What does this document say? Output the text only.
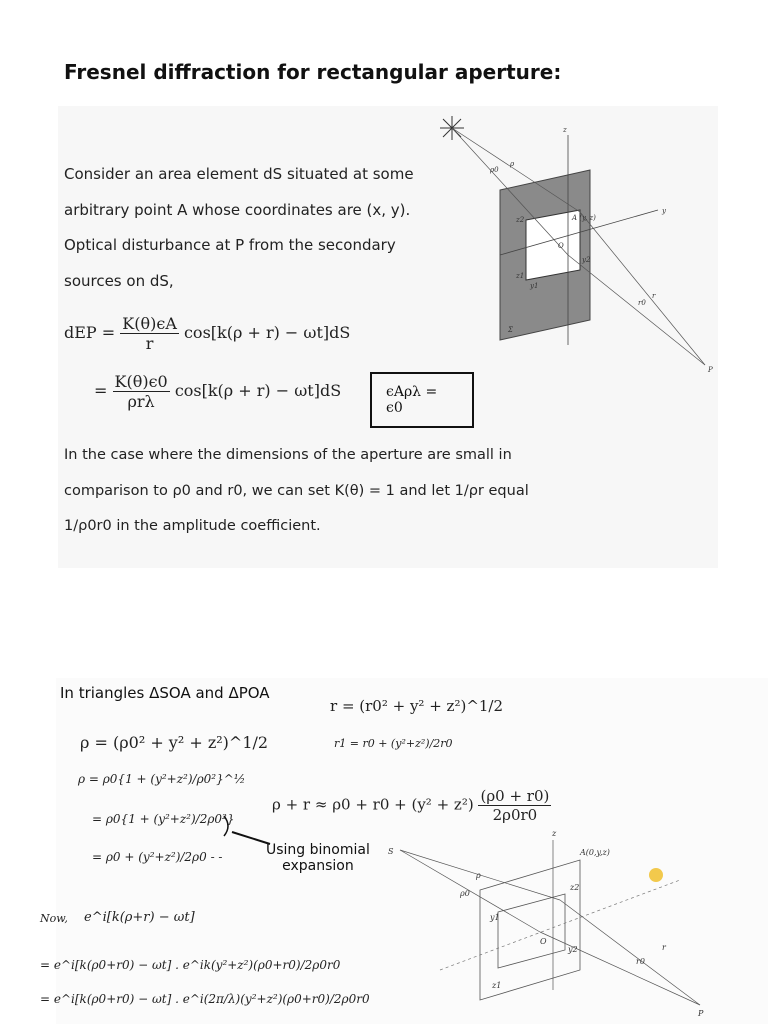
Fresnel diffraction for rectangular aperture:
Consider an area element dS situated at some
arbitrary point A whose coordinates are (x, y).
Optical disturbance at P from the secondary
sources on dS,
dEP = $\frac{K(\theta)\epsilon A}{r} \cos[k(\rho + r) - \omega t]dS$
= $\frac{K(\theta)\epsilon 0}{\text{ρrλ}} \cos[k(\rho + r) - \omega t]dS$	ϵAρλ = ϵ0
In the case where the dimensions of the aperture are small in
comparison to ρ0 and r0, we can set K(θ) = 1 and let 1/ρr equal
1/ρ0r0 in the amplitude coefficient.
ρ0
ρ
z
y
A (y, z)
O
z2
z1
y1
y2
r0
r
P
Σ
In triangles ΔSOA and ΔPOA
ρ = (ρ0² + y² + z²)^1/2
r = (r0² + y² + z²)^1/2
r1 = r0 + (y²+z²)/2r0
$\rho + r \approx \rho 0 + r0 + (y^2 + z^2) \frac{(\rho 0 + r0)}{2\rho 0r0}$
ρ = ρ0{1 + (y²+z²)/ρ0²}^½
= ρ0{1 + (y²+z²)/2ρ0²}
= ρ0 + (y²+z²)/2ρ0 - -	Using binomial
expansion
Now, e^i[k(ρ+r) − ωt]
= e^i[k(ρ0+r0) − ωt] . e^ik(y²+z²)(ρ0+r0)/2ρ0r0
= e^i[k(ρ0+r0) − ωt] . e^i(2π/λ)(y²+z²)(ρ0+r0)/2ρ0r0
z
A(0,y,z)
S
ρ
ρ0
O
r
r0
P
y1
z1
y2
z2
